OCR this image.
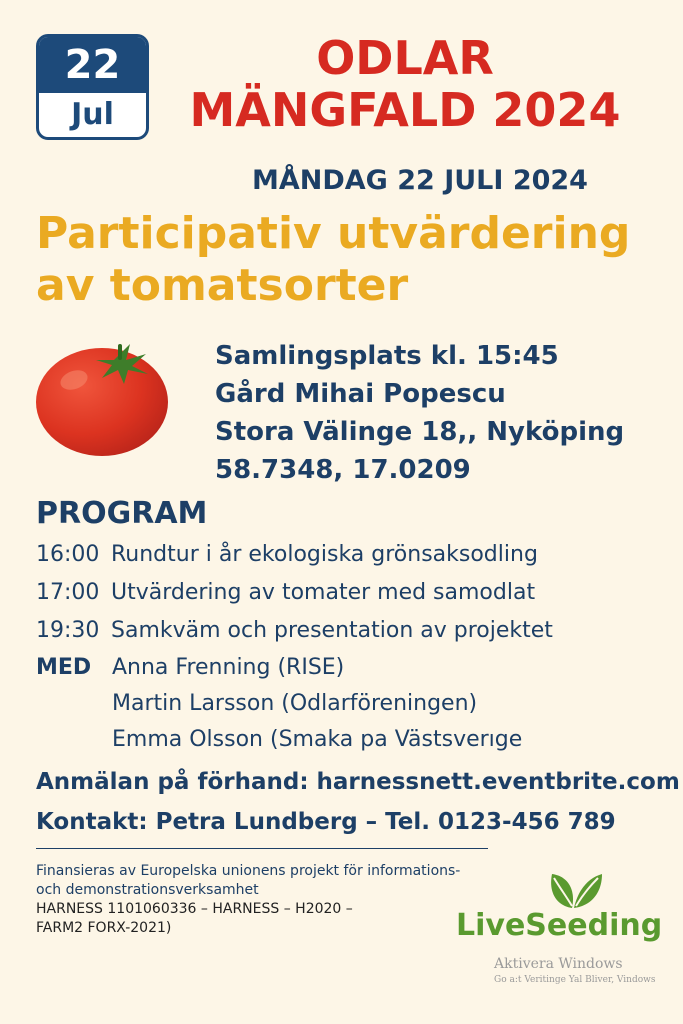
22
Jul
ODLAR
MÄNGFALD 2024
MÅNDAG 22 JULI 2024
Participativ utvärdering
av tomatsorter
Samlingsplats kl. 15:45
Gård Mihai Popescu
Stora Välinge 18,, Nyköping
58.7348, 17.0209
PROGRAM
16:00 Rundtur i år ekologiska grönsaksodling
17:00 Utvärdering av tomater med samodlat
19:30 Samkväm och presentation av projektet
MED Anna Frenning (RISE)
Martin Larsson (Odlarföreningen)
Emma Olsson (Smaka pa Västsverıge
Anmälan på förhand: harnessnett.eventbrite.com
Kontakt: Petra Lundberg – Tel. 0123-456 789
Finansieras av Europelska unionens projekt för informations-
och demonstrationsverksamhet
HARNESS 1101060336 – HARNESS – H2020 –
FARM2 FORX-2021)	LiveSeeding
Aktivera Windows
Go a:t Veritinge Yal Bliver, Vindows
